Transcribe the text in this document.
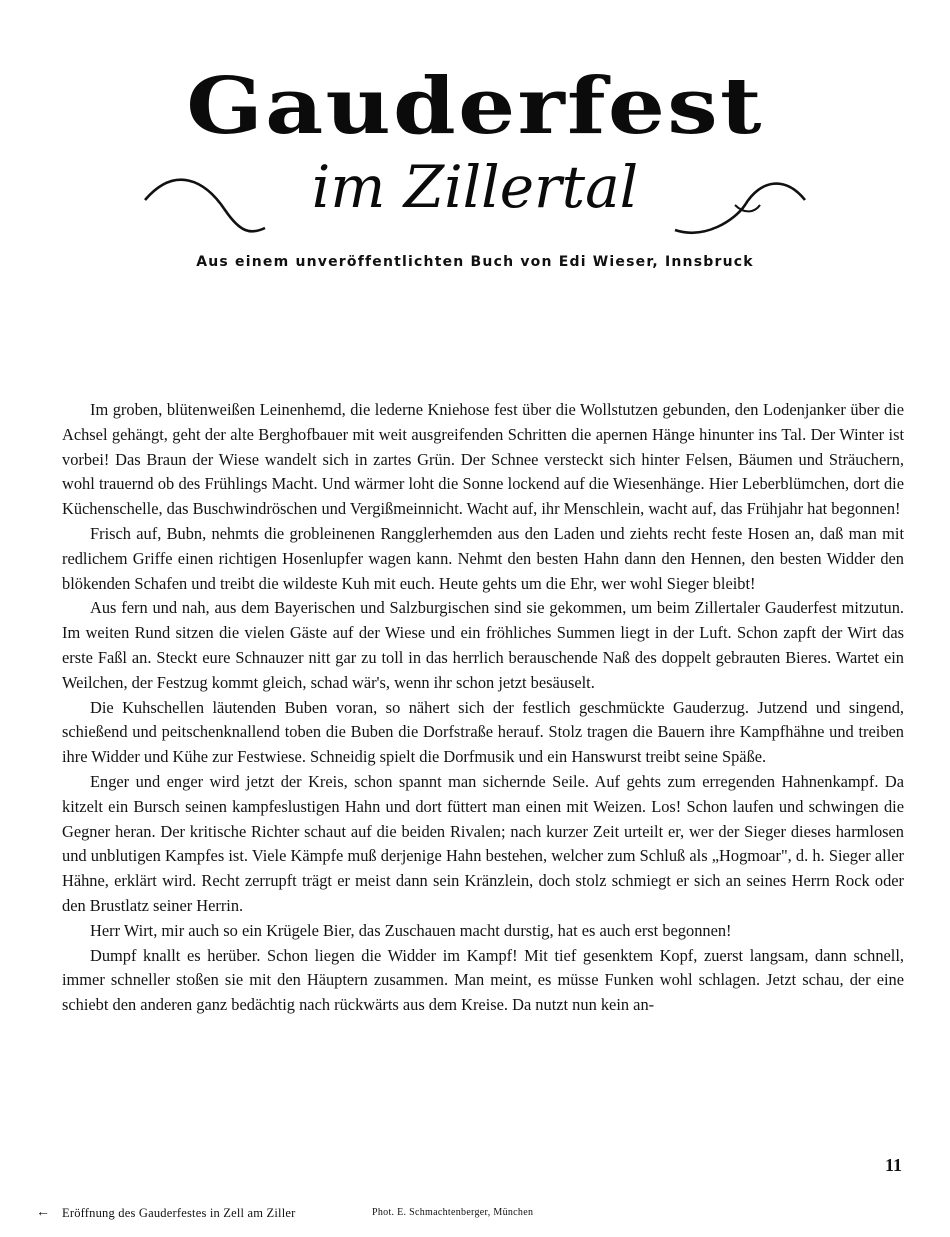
Gauderfest
im Zillertal
Aus einem unveröffentlichten Buch von Edi Wieser, Innsbruck

Im groben, blütenweißen Leinenhemd, die lederne Kniehose fest über die Wollstutzen gebunden, den Lodenjanker über die Achsel gehängt, geht der alte Berghofbauer mit weit ausgreifenden Schritten die apernen Hänge hinunter ins Tal. Der Winter ist vorbei! Das Braun der Wiese wandelt sich in zartes Grün. Der Schnee versteckt sich hinter Felsen, Bäumen und Sträuchern, wohl trauernd ob des Frühlings Macht. Und wärmer loht die Sonne lockend auf die Wiesenhänge. Hier Leberblümchen, dort die Küchenschelle, das Buschwindröschen und Vergißmeinnicht. Wacht auf, ihr Menschlein, wacht auf, das Frühjahr hat begonnen!

Frisch auf, Bubn, nehmts die grobleinenen Rangglerhemden aus den Laden und ziehts recht feste Hosen an, daß man mit redlichem Griffe einen richtigen Hosenlupfer wagen kann. Nehmt den besten Hahn dann den Hennen, den besten Widder den blökenden Schafen und treibt die wildeste Kuh mit euch. Heute gehts um die Ehr, wer wohl Sieger bleibt!

Aus fern und nah, aus dem Bayerischen und Salzburgischen sind sie gekommen, um beim Zillertaler Gauderfest mitzutun. Im weiten Rund sitzen die vielen Gäste auf der Wiese und ein fröhliches Summen liegt in der Luft. Schon zapft der Wirt das erste Faßl an. Steckt eure Schnauzer nitt gar zu toll in das herrlich berauschende Naß des doppelt gebrauten Bieres. Wartet ein Weilchen, der Festzug kommt gleich, schad wär's, wenn ihr schon jetzt besäuselt.

Die Kuhschellen läutenden Buben voran, so nähert sich der festlich geschmückte Gauderzug. Jutzend und singend, schießend und peitschenknallend toben die Buben die Dorfstraße herauf. Stolz tragen die Bauern ihre Kampfhähne und treiben ihre Widder und Kühe zur Festwiese. Schneidig spielt die Dorfmusik und ein Hanswurst treibt seine Späße.

Enger und enger wird jetzt der Kreis, schon spannt man sichernde Seile. Auf gehts zum erregenden Hahnenkampf. Da kitzelt ein Bursch seinen kampfeslustigen Hahn und dort füttert man einen mit Weizen. Los! Schon laufen und schwingen die Gegner heran. Der kritische Richter schaut auf die beiden Rivalen; nach kurzer Zeit urteilt er, wer der Sieger dieses harmlosen und unblutigen Kampfes ist. Viele Kämpfe muß derjenige Hahn bestehen, welcher zum Schluß als „Hogmoar", d. h. Sieger aller Hähne, erklärt wird. Recht zerrupft trägt er meist dann sein Kränzlein, doch stolz schmiegt er sich an seines Herrn Rock oder den Brustlatz seiner Herrin.

Herr Wirt, mir auch so ein Krügele Bier, das Zuschauen macht durstig, hat es auch erst begonnen!

Dumpf knallt es herüber. Schon liegen die Widder im Kampf! Mit tief gesenktem Kopf, zuerst langsam, dann schnell, immer schneller stoßen sie mit den Häuptern zusammen. Man meint, es müsse Funken wohl schlagen. Jetzt schau, der eine schiebt den anderen ganz bedächtig nach rückwärts aus dem Kreise. Da nutzt nun kein an-

11
← Eröffnung des Gauderfestes in Zell am Ziller	Phot. E. Schmachtenberger, München
